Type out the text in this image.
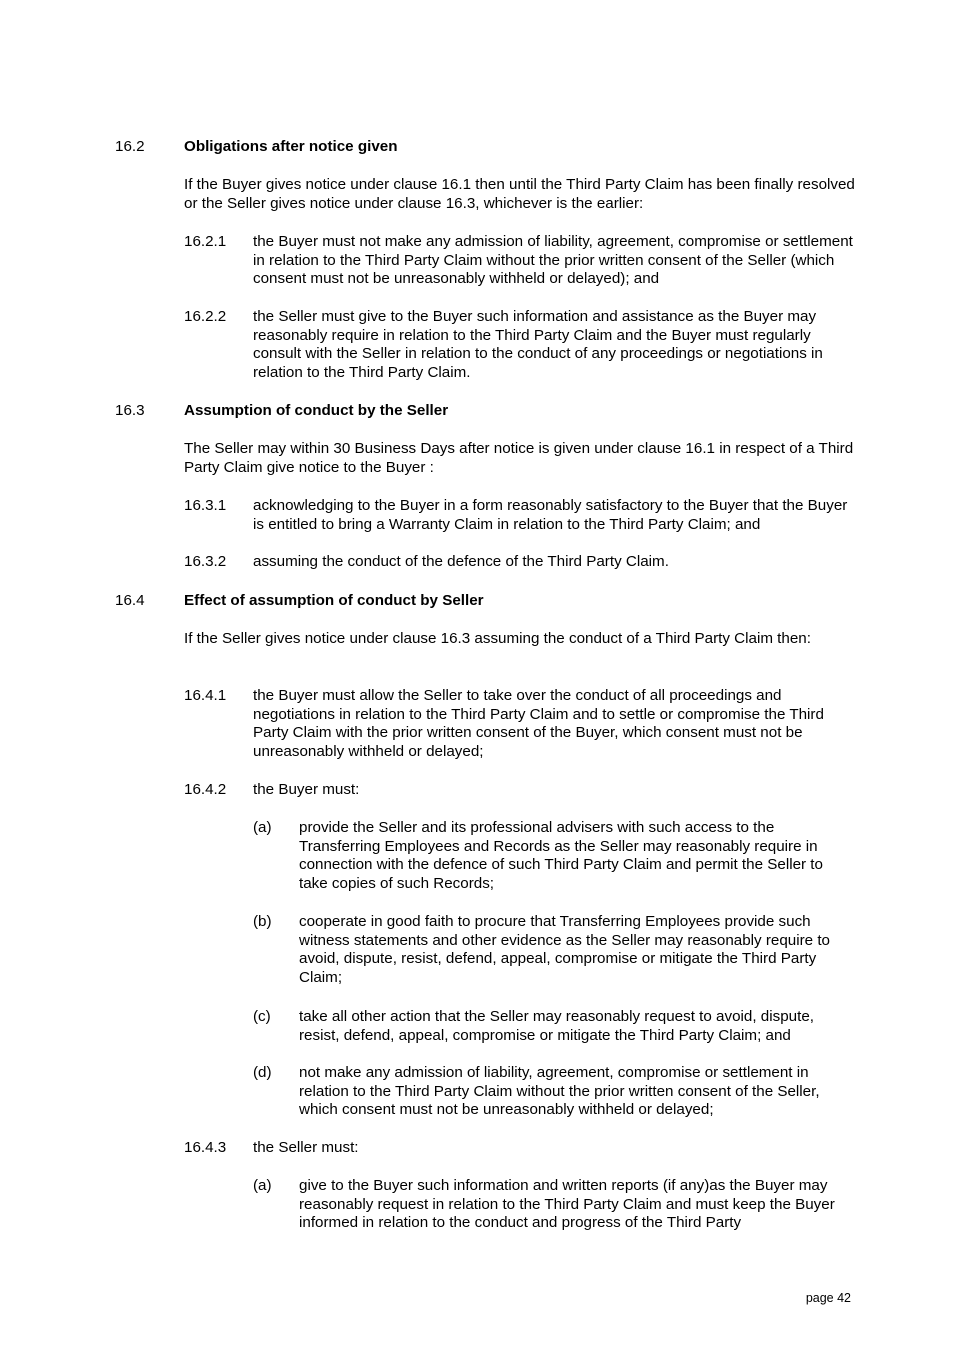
16.2	Obligations after notice given
If the Buyer gives notice under clause 16.1 then until the Third Party Claim has been finally resolved or the Seller gives notice under clause 16.3, whichever is the earlier:
16.2.1 the Buyer must not make any admission of liability, agreement, compromise or settlement in relation to the Third Party Claim without the prior written consent of the Seller (which consent must not be unreasonably withheld or delayed); and
16.2.2 the Seller must give to the Buyer such information and assistance as the Buyer may reasonably require in relation to the Third Party Claim and the Buyer must regularly consult with the Seller in relation to the conduct of any proceedings or negotiations in relation to the Third Party Claim.
16.3	Assumption of conduct by the Seller
The Seller may within 30 Business Days after notice is given under clause 16.1 in respect of a Third Party Claim give notice to the Buyer :
16.3.1 acknowledging to the Buyer in a form reasonably satisfactory to the Buyer that the Buyer is entitled to bring a Warranty Claim in relation to the Third Party Claim; and
16.3.2 assuming the conduct of the defence of the Third Party Claim.
16.4	Effect of assumption of conduct by Seller
If the Seller gives notice under clause 16.3 assuming the conduct of a Third Party Claim then:
16.4.1 the Buyer must allow the Seller to take over the conduct of all proceedings and negotiations in relation to the Third Party Claim and to settle or compromise the Third Party Claim with the prior written consent of the Buyer, which consent must not be unreasonably withheld or delayed;
16.4.2 the Buyer must:
(a) provide the Seller and its professional advisers with such access to the Transferring Employees and Records as the Seller may reasonably require in connection with the defence of such Third Party Claim and permit the Seller to take copies of such Records;
(b) cooperate in good faith to procure that Transferring Employees provide such witness statements and other evidence as the Seller may reasonably require to avoid, dispute, resist, defend, appeal, compromise or mitigate the Third Party Claim;
(c) take all other action that the Seller may reasonably request to avoid, dispute, resist, defend, appeal, compromise or mitigate the Third Party Claim; and
(d) not make any admission of liability, agreement, compromise or settlement in relation to the Third Party Claim without the prior written consent of the Seller, which consent must not be unreasonably withheld or delayed;
16.4.3 the Seller must:
(a) give to the Buyer such information and written reports (if any)as the Buyer may reasonably request in relation to the Third Party Claim and must keep the Buyer informed in relation to the conduct and progress of the Third Party
page 42
